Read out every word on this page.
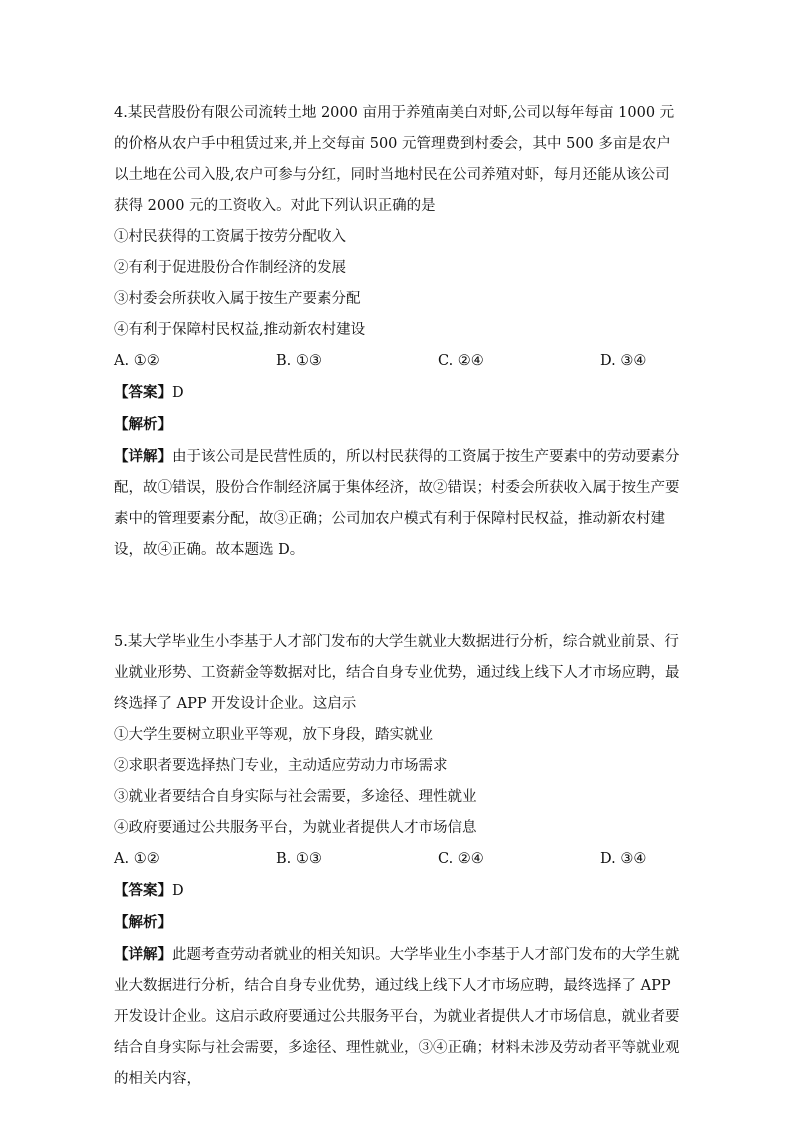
4.某民营股份有限公司流转土地 2000 亩用于养殖南美白对虾,公司以每年每亩 1000 元的价格从农户手中租赁过来,并上交每亩 500 元管理费到村委会，其中 500 多亩是农户以土地在公司入股,农户可参与分红，同时当地村民在公司养殖对虾，每月还能从该公司获得 2000 元的工资收入。对此下列认识正确的是

①村民获得的工资属于按劳分配收入

②有利于促进股份合作制经济的发展

③村委会所获收入属于按生产要素分配

④有利于保障村民权益,推动新农村建设

A. ①②	B. ①③	C. ②④	D. ③④

【答案】D

【解析】

【详解】由于该公司是民营性质的，所以村民获得的工资属于按生产要素中的劳动要素分配，故①错误，股份合作制经济属于集体经济，故②错误；村委会所获收入属于按生产要素中的管理要素分配，故③正确；公司加农户模式有利于保障村民权益，推动新农村建设，故④正确。故本题选 D。

5.某大学毕业生小李基于人才部门发布的大学生就业大数据进行分析，综合就业前景、行业就业形势、工资薪金等数据对比，结合自身专业优势，通过线上线下人才市场应聘，最终选择了 APP 开发设计企业。这启示

①大学生要树立职业平等观，放下身段，踏实就业

②求职者要选择热门专业，主动适应劳动力市场需求

③就业者要结合自身实际与社会需要，多途径、理性就业

④政府要通过公共服务平台，为就业者提供人才市场信息

A. ①②	B. ①③	C. ②④	D. ③④

【答案】D

【解析】

【详解】此题考查劳动者就业的相关知识。大学毕业生小李基于人才部门发布的大学生就业大数据进行分析，结合自身专业优势，通过线上线下人才市场应聘，最终选择了 APP 开发设计企业。这启示政府要通过公共服务平台，为就业者提供人才市场信息，就业者要结合自身实际与社会需要，多途径、理性就业，③④正确；材料未涉及劳动者平等就业观的相关内容，
